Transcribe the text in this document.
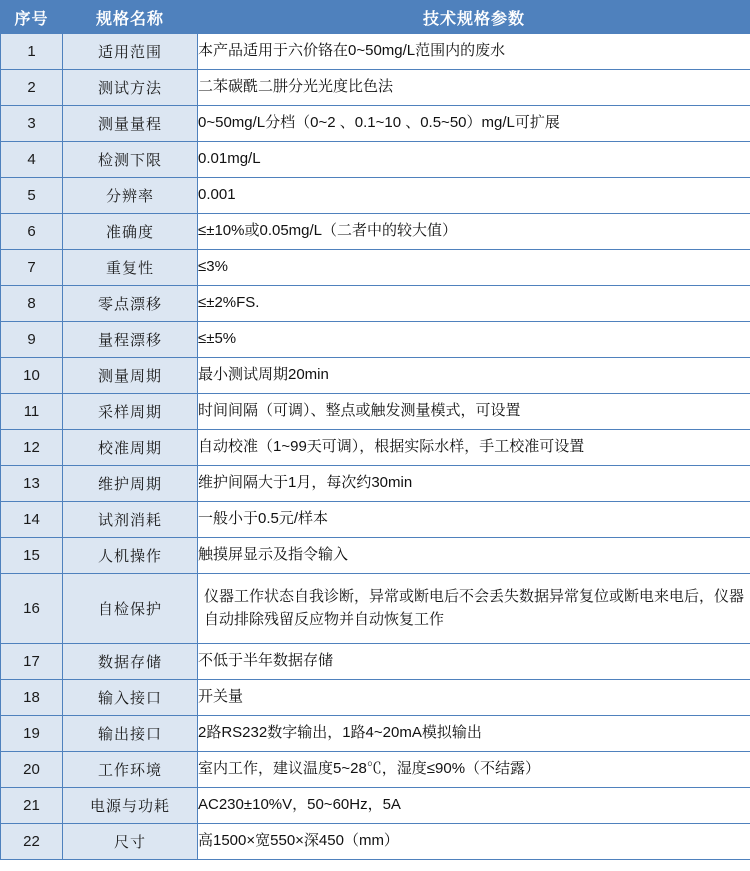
序号	规格名称	技术规格参数
1	适用范围	本产品适用于六价铬在0~50mg/L范围内的废水
2	测试方法	二苯碳酰二肼分光光度比色法
3	测量量程	0~50mg/L分档（0~2 、0.1~10 、0.5~50）mg/L可扩展
4	检测下限	0.01mg/L
5	分辨率	0.001
6	准确度	≤±10%或0.05mg/L（二者中的较大值）
7	重复性	≤3%
8	零点漂移	≤±2%FS.
9	量程漂移	≤±5%
10	测量周期	最小测试周期20min
11	采样周期	时间间隔（可调）、整点或触发测量模式，可设置
12	校准周期	自动校准（1~99天可调），根据实际水样，手工校准可设置
13	维护周期	维护间隔大于1月，每次约30min
14	试剂消耗	一般小于0.5元/样本
15	人机操作	触摸屏显示及指令输入
16	自检保护	仪器工作状态自我诊断，异常或断电后不会丢失数据异常复位或断电来电后，仪器自动排除残留反应物并自动恢复工作
17	数据存储	不低于半年数据存储
18	输入接口	开关量
19	输出接口	2路RS232数字输出，1路4~20mA模拟输出
20	工作环境	室内工作，建议温度5~28℃，湿度≤90%（不结露）
21	电源与功耗	AC230±10%V，50~60Hz，5A
22	尺寸	高1500×宽550×深450（mm）
